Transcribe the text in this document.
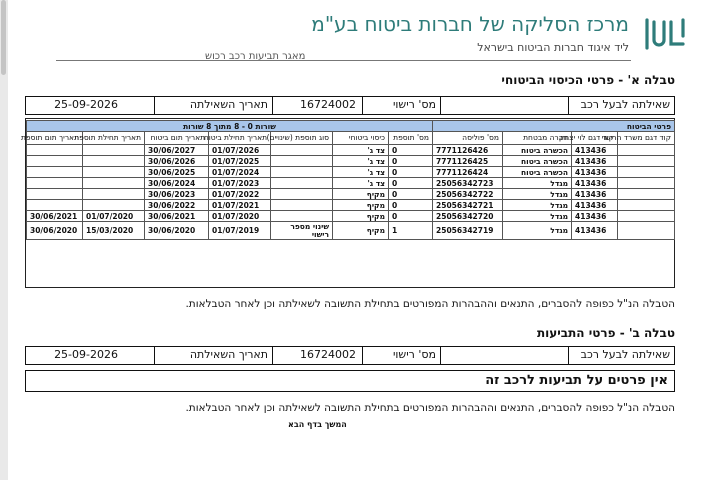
מרכז הסליקה של חברות ביטוח בע"מ
ליד איגוד חברות הביטוח בישראל
מאגר תביעות רכב רכוש
טבלה א' - פרטי הכיסוי הביטוחי
שאילתה לבעל רכב
מס' רישוי
16724002
תאריך השאילתה
25-09-2026
פרטי הביטוח				שורות 0 - 8 מתוך 8 שורות						
קוד דגם משרד הרישוי	קוד דגם לוי יצחק	חברה מבטחת	מס' פוליסה	מס' תוספת	כיסוי ביטוחי	סוג תוספת (שינויים)	תאריך תחילת ביטוח	תאריך תום ביטוח	תאריך תחילת תוספת	תאריך תום תוספת
	413436	הכשרה ביטוח	7771126426	0	צד ג'		01/07/2026	30/06/2027		
	413436	הכשרה ביטוח	7771126425	0	צד ג'		01/07/2025	30/06/2026		
	413436	הכשרה ביטוח	7771126424	0	צד ג'		01/07/2024	30/06/2025		
	413436	מגדל	25056342723	0	צד ג'		01/07/2023	30/06/2024		
	413436	מגדל	25056342722	0	מקיף		01/07/2022	30/06/2023		
	413436	מגדל	25056342721	0	מקיף		01/07/2021	30/06/2022		
	413436	מגדל	25056342720	0	מקיף		01/07/2020	30/06/2021	01/07/2020	30/06/2021
	413436	מגדל	25056342719	1	מקיף	שינוי מספר רישוי	01/07/2019	30/06/2020	15/03/2020	30/06/2020
הטבלה הנ"ל כפופה להסברים, התנאים וההבהרות המפורטים בתחילת התשובה לשאילתה וכן לאחר הטבלאות.
טבלה ב' - פרטי התביעות
שאילתה לבעל רכב
מס' רישוי
16724002
תאריך השאילתה
25-09-2026
אין פרטים על תביעות לרכב זה
הטבלה הנ"ל כפופה להסברים, התנאים וההבהרות המפורטים בתחילת התשובה לשאילתה וכן לאחר הטבלאות.
המשך בדף הבא
